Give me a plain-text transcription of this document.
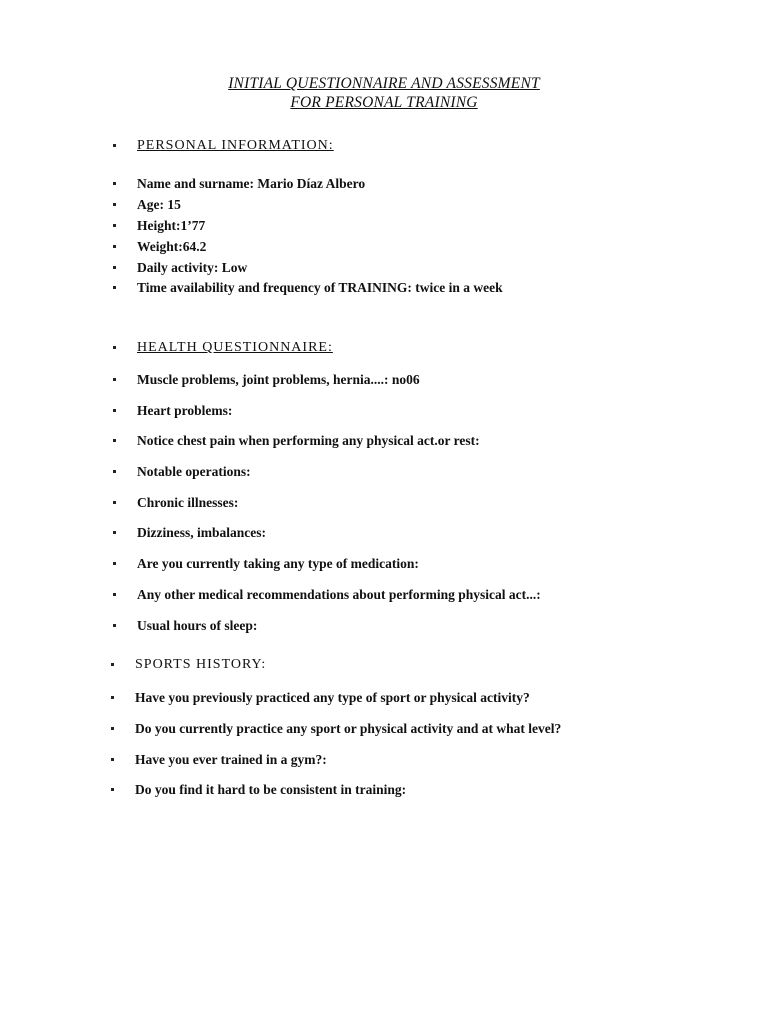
INITIAL QUESTIONNAIRE AND ASSESSMENT
FOR PERSONAL TRAINING
PERSONAL INFORMATION:
Name and surname: Mario Díaz Albero
Age: 15
Height:1’77
Weight:64.2
Daily activity: Low
Time availability and frequency of TRAINING: twice in a week
HEALTH QUESTIONNAIRE:
Muscle problems, joint problems, hernia....: no06
Heart problems:
Notice chest pain when performing any physical act.or rest:
Notable operations:
Chronic illnesses:
Dizziness, imbalances:
Are you currently taking any type of medication:
Any other medical recommendations about performing physical act...:
Usual hours of sleep:
SPORTS HISTORY:
Have you previously practiced any type of sport or physical activity?
Do you currently practice any sport or physical activity and at what level?
Have you ever trained in a gym?:
Do you find it hard to be consistent in training:
